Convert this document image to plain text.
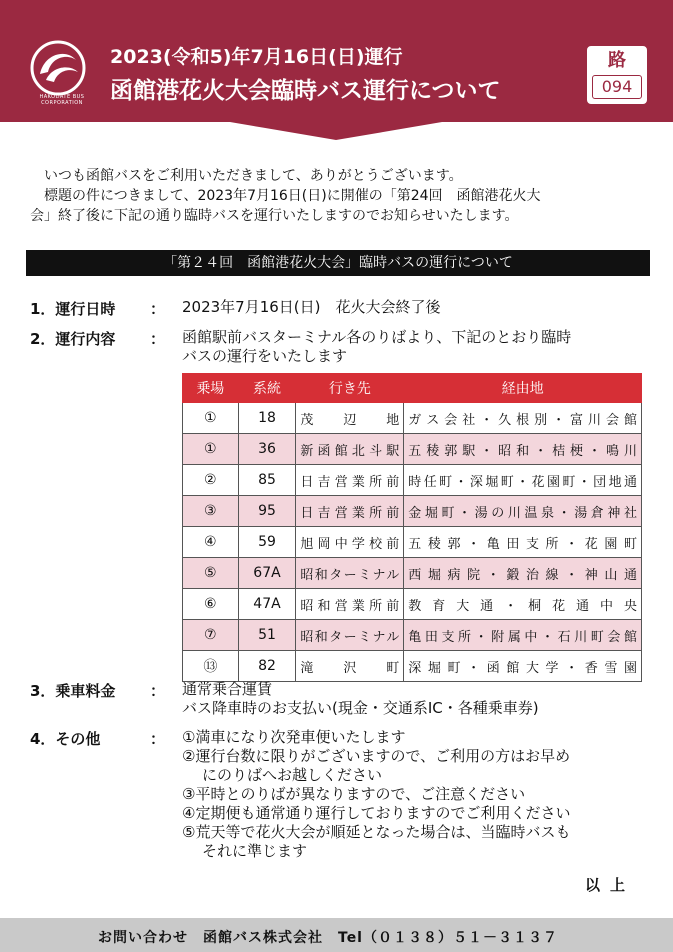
HAKODATE BUS CORPORATION
2023(令和5)年7月16日(日)運行
函館港花火大会臨時バス運行について
路
094

いつも函館バスをご利用いただきまして、ありがとうございます。

標題の件につきまして、2023年7月16日(日)に開催の「第24回　函館港花火大

会」終了後に下記の通り臨時バスを運行いたしますのでお知らせいたします。

「第２４回　函館港花火大会」臨時バスの運行について
1．運行日時 ： 2023年7月16日(日)　花火大会終了後
2．運行内容 ： 函館駅前バスターミナル各のりばより、下記のとおり臨時
バスの運行をいたします
乗場	系統	行き先	経由地
①	18	茂辺地	ガス会社・久根別・富川会館
①	36	新函館北斗駅	五稜郭駅・昭和・桔梗・鳴川
②	85	日吉営業所前	時任町・深堀町・花園町・団地通
③	95	日吉営業所前	金堀町・湯の川温泉・湯倉神社
④	59	旭岡中学校前	五稜郭・亀田支所・花園町
⑤	67A	昭和ターミナル	西堀病院・鍛治線・神山通
⑥	47A	昭和営業所前	教育大通・桐花通中央
⑦	51	昭和ターミナル	亀田支所・附属中・石川町会館
⑬	82	滝沢町	深堀町・函館大学・香雪園
3．乗車料金 ： 通常乗合運賃
バス降車時のお支払い(現金・交通系IC・各種乗車券)
4．その他	： ①満車になり次発車便いたします
②運行台数に限りがございますので、ご利用の方はお早め
にのりばへお越しください
③平時とのりばが異なりますので、ご注意ください
④定期便も通常通り運行しておりますのでご利用ください
⑤荒天等で花火大会が順延となった場合は、当臨時バスも
それに準じます
以上
お問い合わせ　函館バス株式会社　Tel（０１３８）５１－３１３７
